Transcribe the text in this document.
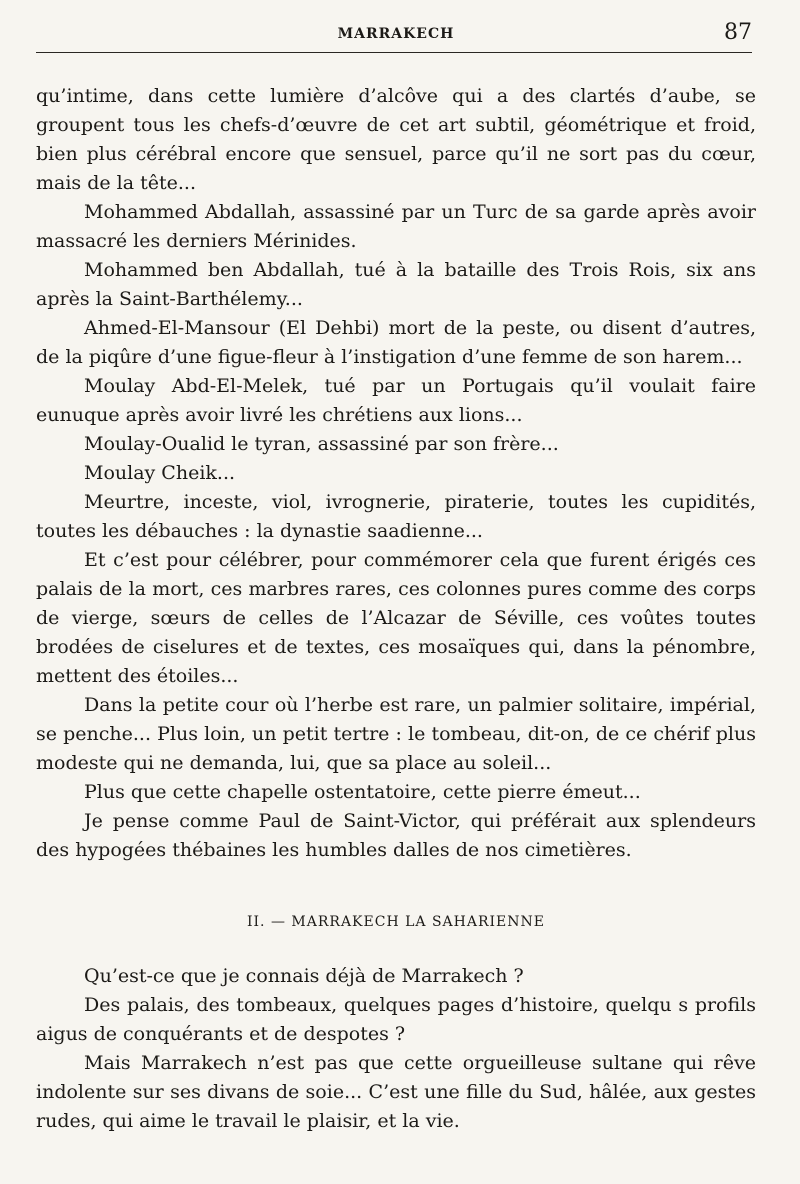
MARRAKECH	87

qu’intime, dans cette lumière d’alcôve qui a des clartés d’aube, se groupent tous les chefs-d’œuvre de cet art subtil, géométrique et froid, bien plus cérébral encore que sensuel, parce qu’il ne sort pas du cœur, mais de la tête...

Mohammed Abdallah, assassiné par un Turc de sa garde après avoir massacré les derniers Mérinides.

Mohammed ben Abdallah, tué à la bataille des Trois Rois, six ans après la Saint-Barthélemy...

Ahmed-El-Mansour (El Dehbi) mort de la peste, ou disent d’autres, de la piqûre d’une figue-fleur à l’instigation d’une femme de son harem...

Moulay Abd-El-Melek, tué par un Portugais qu’il voulait faire eunuque après avoir livré les chrétiens aux lions...

Moulay-Oualid le tyran, assassiné par son frère...

Moulay Cheik...

Meurtre, inceste, viol, ivrognerie, piraterie, toutes les cupidités, toutes les débauches : la dynastie saadienne...

Et c’est pour célébrer, pour commémorer cela que furent érigés ces palais de la mort, ces marbres rares, ces colonnes pures comme des corps de vierge, sœurs de celles de l’Alcazar de Séville, ces voûtes toutes brodées de ciselures et de textes, ces mosaïques qui, dans la pénombre, mettent des étoiles...

Dans la petite cour où l’herbe est rare, un palmier solitaire, impérial, se penche... Plus loin, un petit tertre : le tombeau, dit-on, de ce chérif plus modeste qui ne demanda, lui, que sa place au soleil...

Plus que cette chapelle ostentatoire, cette pierre émeut...

Je pense comme Paul de Saint-Victor, qui préférait aux splendeurs des hypogées thébaines les humbles dalles de nos cimetières.

II. — MARRAKECH LA SAHARIENNE

Qu’est-ce que je connais déjà de Marrakech ?

Des palais, des tombeaux, quelques pages d’histoire, quelqu s profils aigus de conquérants et de despotes ?

Mais Marrakech n’est pas que cette orgueilleuse sultane qui rêve indolente sur ses divans de soie... C’est une fille du Sud, hâlée, aux gestes rudes, qui aime le travail le plaisir, et la vie.
